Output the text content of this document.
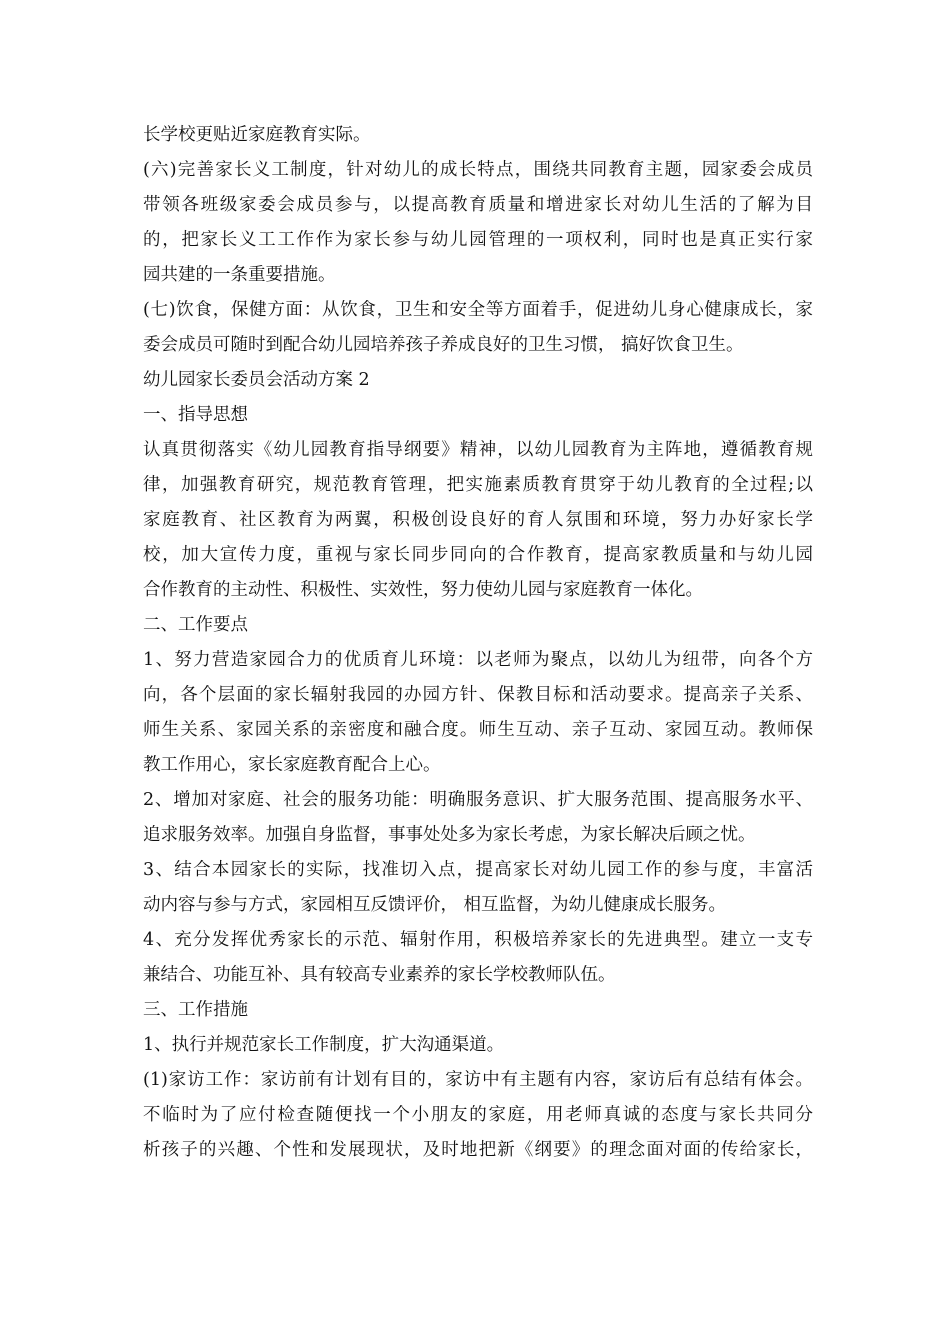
长学校更贴近家庭教育实际。
(六)完善家长义工制度，针对幼儿的成长特点，围绕共同教育主题，园家委会成员
带领各班级家委会成员参与，以提高教育质量和增进家长对幼儿生活的了解为目
的，把家长义工工作作为家长参与幼儿园管理的一项权利，同时也是真正实行家
园共建的一条重要措施。
(七)饮食，保健方面：从饮食，卫生和安全等方面着手，促进幼儿身心健康成长，家
委会成员可随时到配合幼儿园培养孩子养成良好的卫生习惯， 搞好饮食卫生。
幼儿园家长委员会活动方案 2
一、指导思想
认真贯彻落实《幼儿园教育指导纲要》精神，以幼儿园教育为主阵地，遵循教育规
律，加强教育研究，规范教育管理，把实施素质教育贯穿于幼儿教育的全过程;以
家庭教育、社区教育为两翼，积极创设良好的育人氛围和环境，努力办好家长学
校，加大宣传力度，重视与家长同步同向的合作教育，提高家教质量和与幼儿园
合作教育的主动性、积极性、实效性，努力使幼儿园与家庭教育一体化。
二、工作要点
1、努力营造家园合力的优质育儿环境：以老师为聚点，以幼儿为纽带，向各个方
向，各个层面的家长辐射我园的办园方针、保教目标和活动要求。提高亲子关系、
师生关系、家园关系的亲密度和融合度。师生互动、亲子互动、家园互动。教师保
教工作用心，家长家庭教育配合上心。
2、增加对家庭、社会的服务功能：明确服务意识、扩大服务范围、提高服务水平、
追求服务效率。加强自身监督，事事处处多为家长考虑，为家长解决后顾之忧。
3、结合本园家长的实际，找准切入点，提高家长对幼儿园工作的参与度，丰富活
动内容与参与方式，家园相互反馈评价， 相互监督，为幼儿健康成长服务。
4、充分发挥优秀家长的示范、辐射作用，积极培养家长的先进典型。建立一支专
兼结合、功能互补、具有较高专业素养的家长学校教师队伍。
三、工作措施
1、执行并规范家长工作制度，扩大沟通渠道。
(1)家访工作：家访前有计划有目的，家访中有主题有内容，家访后有总结有体会。
不临时为了应付检查随便找一个小朋友的家庭，用老师真诚的态度与家长共同分
析孩子的兴趣、个性和发展现状，及时地把新《纲要》的理念面对面的传给家长，
